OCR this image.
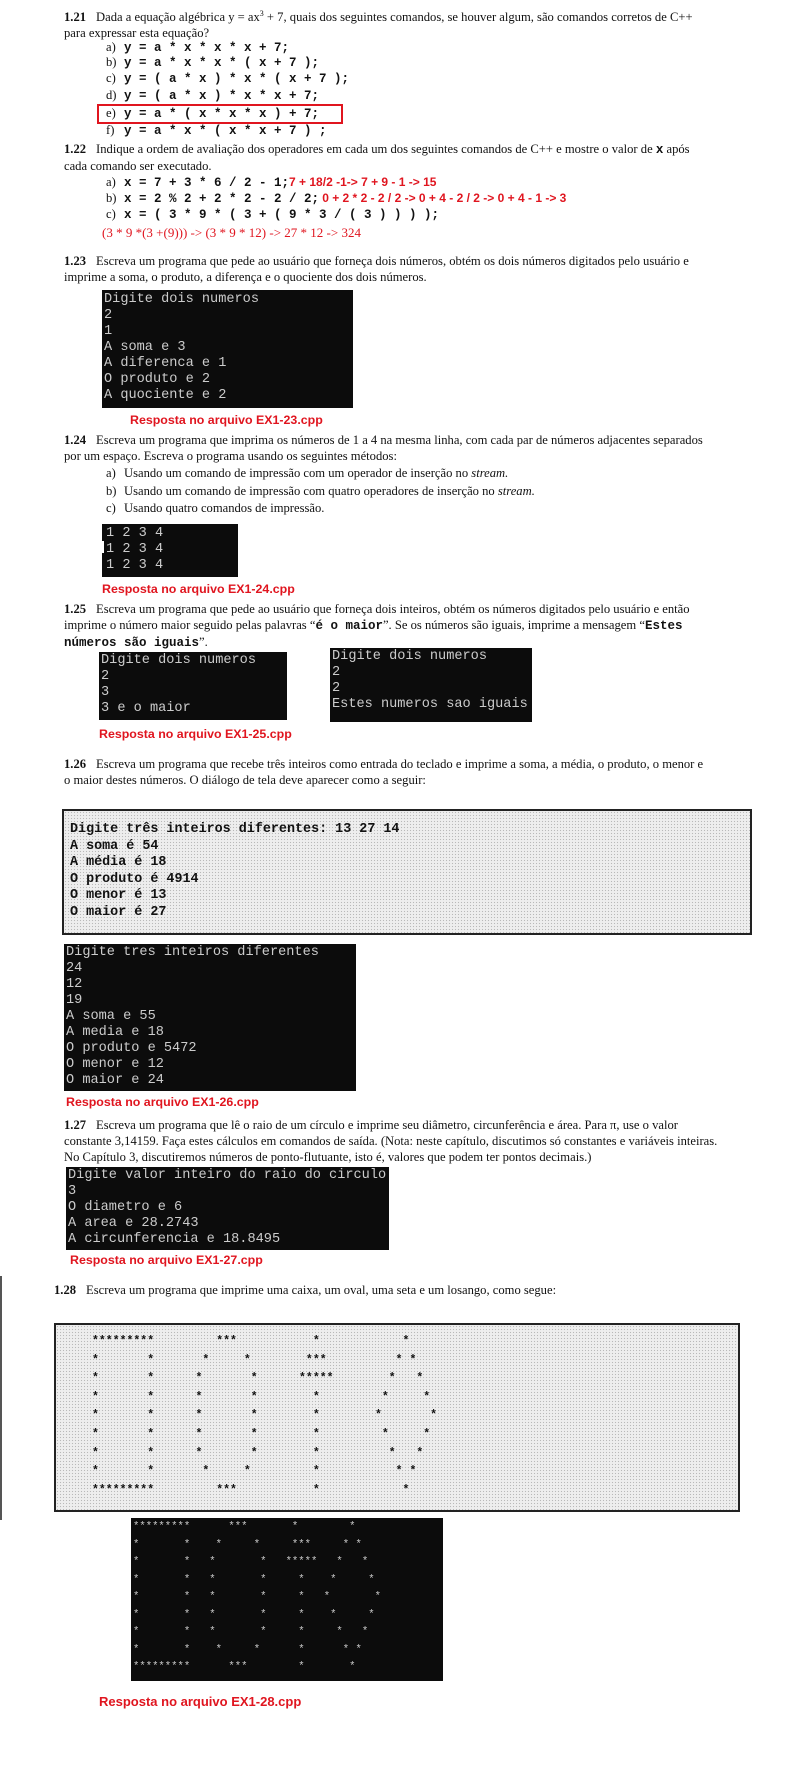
1.21 Dada a equação algébrica $y = ax^3 + 7$, quais dos seguintes comandos, se houver algum, são comandos corretos de C++
para expressar esta equação?
a) y = a * x * x * x + 7;
b) y = a * x * x * ( x + 7 );
c) y = ( a * x ) * x * ( x + 7 );
d) y = ( a * x ) * x * x + 7;
e) y = a * ( x * x * x ) + 7;
f) y = a * x * ( x * x + 7 ) ;
1.22 Indique a ordem de avaliação dos operadores em cada um dos seguintes comandos de C++ e mostre o valor de x após
cada comando ser executado.
a) x = 7 + 3 * 6 / 2 - 1;7 + 18/2 -1-> 7 + 9 - 1 -> 15
b) x = 2 % 2 + 2 * 2 - 2 / 2; 0 + 2 * 2 - 2 / 2 -> 0 + 4 - 2 / 2 -> 0 + 4 - 1 -> 3
c) x = ( 3 * 9 * ( 3 + ( 9 * 3 / ( 3 ) ) ) );
(3 * 9 *(3 +(9))) -> (3 * 9 * 12) -> 27 * 12 -> 324
1.23 Escreva um programa que pede ao usuário que forneça dois números, obtém os dois números digitados pelo usuário e
imprime a soma, o produto, a diferença e o quociente dos dois números.
Digite dois numeros
2
1
A soma e 3
A diferenca e 1
O produto e 2
A quociente e 2
Resposta no arquivo EX1-23.cpp
1.24 Escreva um programa que imprima os números de 1 a 4 na mesma linha, com cada par de números adjacentes separados
por um espaço. Escreva o programa usando os seguintes métodos:
a) Usando um comando de impressão com um operador de inserção no stream.
b) Usando um comando de impressão com quatro operadores de inserção no stream.
c) Usando quatro comandos de impressão.
1 2 3 4
1 2 3 4
1 2 3 4
Resposta no arquivo EX1-24.cpp
1.25 Escreva um programa que pede ao usuário que forneça dois inteiros, obtém os números digitados pelo usuário e então
imprime o número maior seguido pelas palavras “é o maior”. Se os números são iguais, imprime a mensagem “Estes
números são iguais”.
Digite dois numeros
2
3
3 e o maior
Digite dois numeros
2
2
Estes numeros sao iguais
Resposta no arquivo EX1-25.cpp
1.26 Escreva um programa que recebe três inteiros como entrada do teclado e imprime a soma, a média, o produto, o menor e
o maior destes números. O diálogo de tela deve aparecer como a seguir:
Digite três inteiros diferentes: 13 27 14
A soma é 54
A média é 18
O produto é 4914
O menor é 13
O maior é 27
Digite tres inteiros diferentes
24
12
19
A soma e 55
A media e 18
O produto e 5472
O menor e 12
O maior e 24
Resposta no arquivo EX1-26.cpp
1.27 Escreva um programa que lê o raio de um círculo e imprime seu diâmetro, circunferência e área. Para π, use o valor
constante 3,14159. Faça estes cálculos em comandos de saída. (Nota: neste capítulo, discutimos só constantes e variáveis inteiras.
No Capítulo 3, discutiremos números de ponto-flutuante, isto é, valores que podem ter pontos decimais.)
Digite valor inteiro do raio do circulo
3
O diametro e 6
A area e 28.2743
A circunferencia e 18.8495
Resposta no arquivo EX1-27.cpp
1.28 Escreva um programa que imprime uma caixa, um oval, uma seta e um losango, como segue:
*********         ***           *            *
*       *       *     *        ***          * *
*       *      *       *      *****        *   *
*       *      *       *        *         *     *
*       *      *       *        *        *       *
*       *      *       *        *         *     *
*       *      *       *        *          *   *
*       *       *     *         *           * *
*********         ***           *            *
*********      ***       *        *
*       *    *     *     ***     * *
*       *   *       *   *****   *   *
*       *   *       *     *    *     *
*       *   *       *     *   *       *
*       *   *       *     *    *     *
*       *   *       *     *     *   *
*       *    *     *      *      * *
*********      ***        *       *
Resposta no arquivo EX1-28.cpp
